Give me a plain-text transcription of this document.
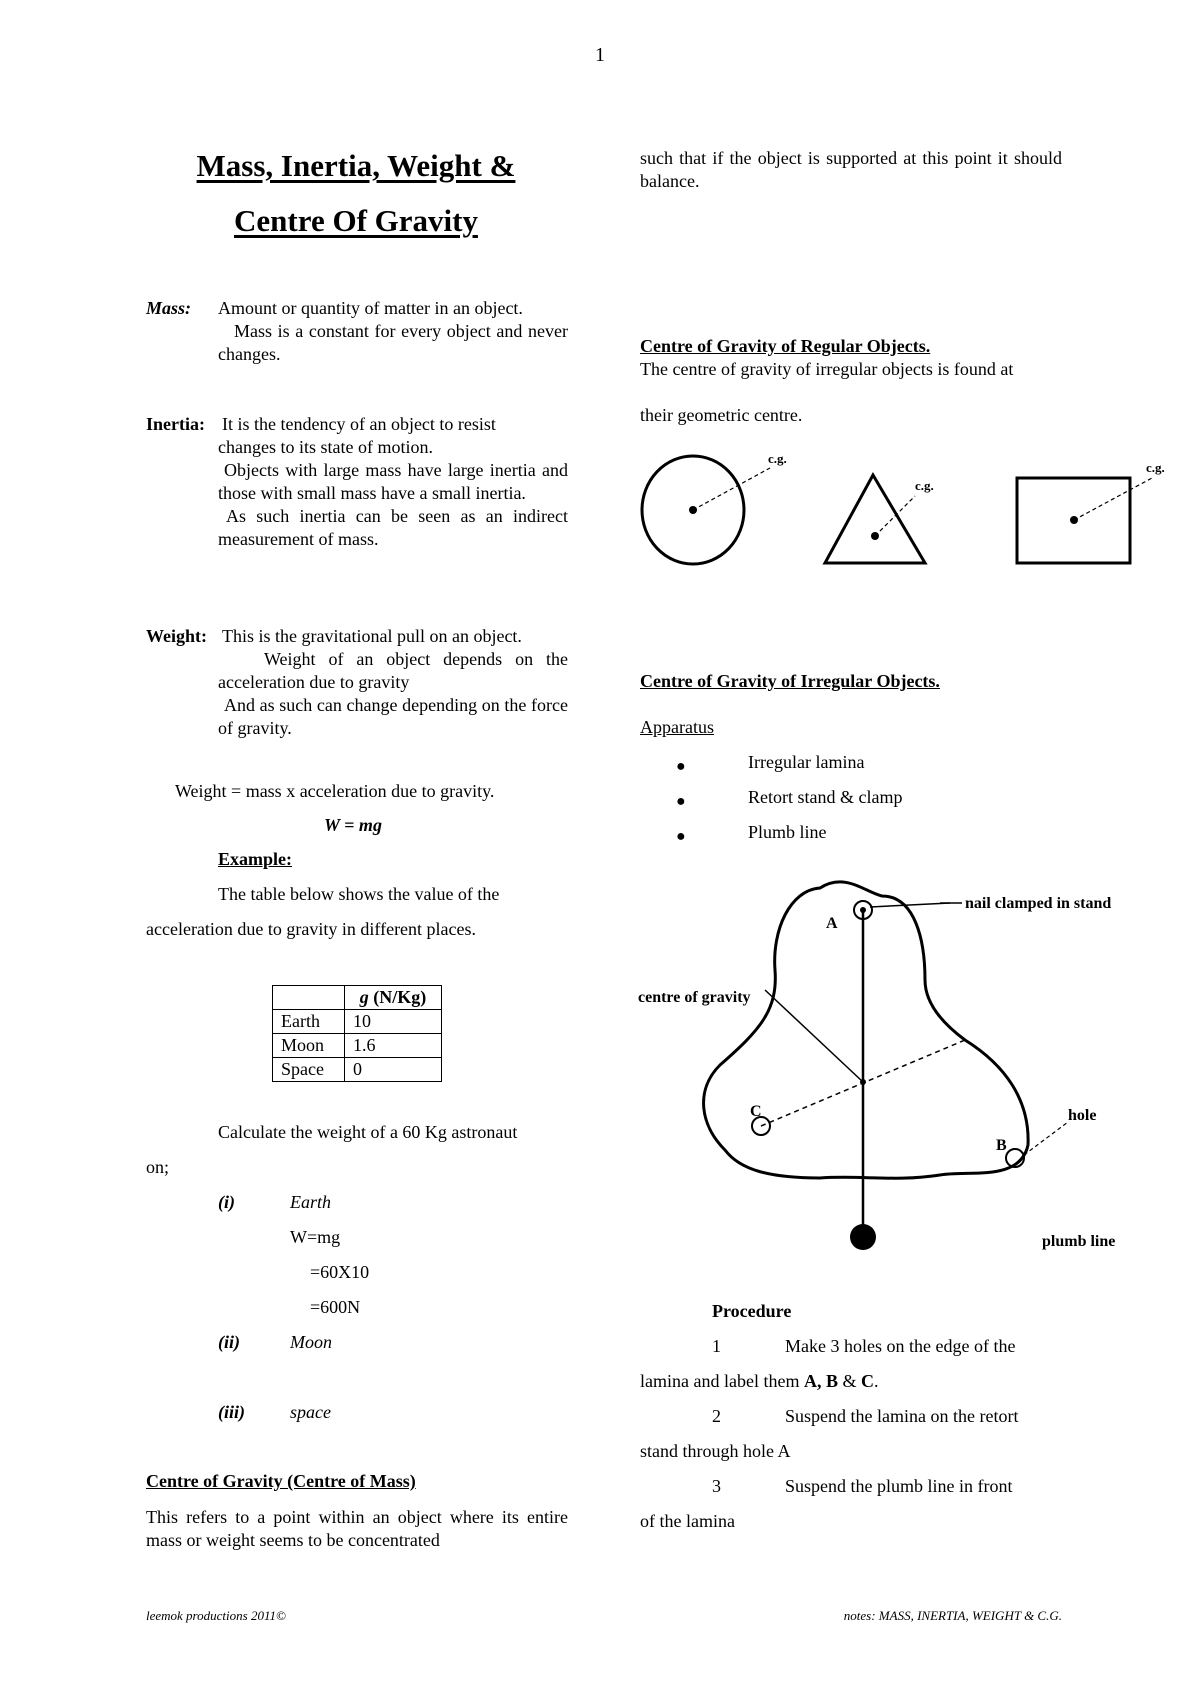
1
Mass, Inertia, Weight &
Centre Of Gravity
Mass: Amount or quantity of matter in an object.
Mass is a constant for every object and never changes.
Inertia: It is the tendency of an object to resist
changes to its state of motion.
Objects with large mass have large inertia and those with small mass have a small inertia.
As such inertia can be seen as an indirect measurement of mass.
Weight: This is the gravitational pull on an object.
Weight of an object depends on the acceleration due to gravity
And as such can change depending on the force of gravity.
Weight = mass x acceleration due to gravity.
W = mg
Example:
The table below shows the value of the
acceleration due to gravity in different places.
	g (N/Kg)
Earth	10
Moon	1.6
Space	0
Calculate the weight of a 60 Kg astronaut
on;
(i)	Earth
W=mg
=60X10
=600N
(ii)	Moon
(iii)	space
Centre of Gravity (Centre of Mass)
This refers to a point within an object where its entire mass or weight seems to be concentrated
such that if the object is supported at this point it should balance.
Centre of Gravity of Regular Objects.
The centre of gravity of irregular objects is found at
their geometric centre.
c.g.
c.g.
c.g.
Centre of Gravity of Irregular Objects.
Apparatus
●	Irregular lamina
●	Retort stand & clamp
●	Plumb line
A
B
C
nail clamped in stand
centre of gravity
hole
plumb line
Procedure
1	Make 3 holes on the edge of the
lamina and label them A, B & C.
2	Suspend the lamina on the retort
stand through hole A
3	Suspend the plumb line in front
of the lamina
leemok productions 2011©	notes: MASS, INERTIA, WEIGHT & C.G.
